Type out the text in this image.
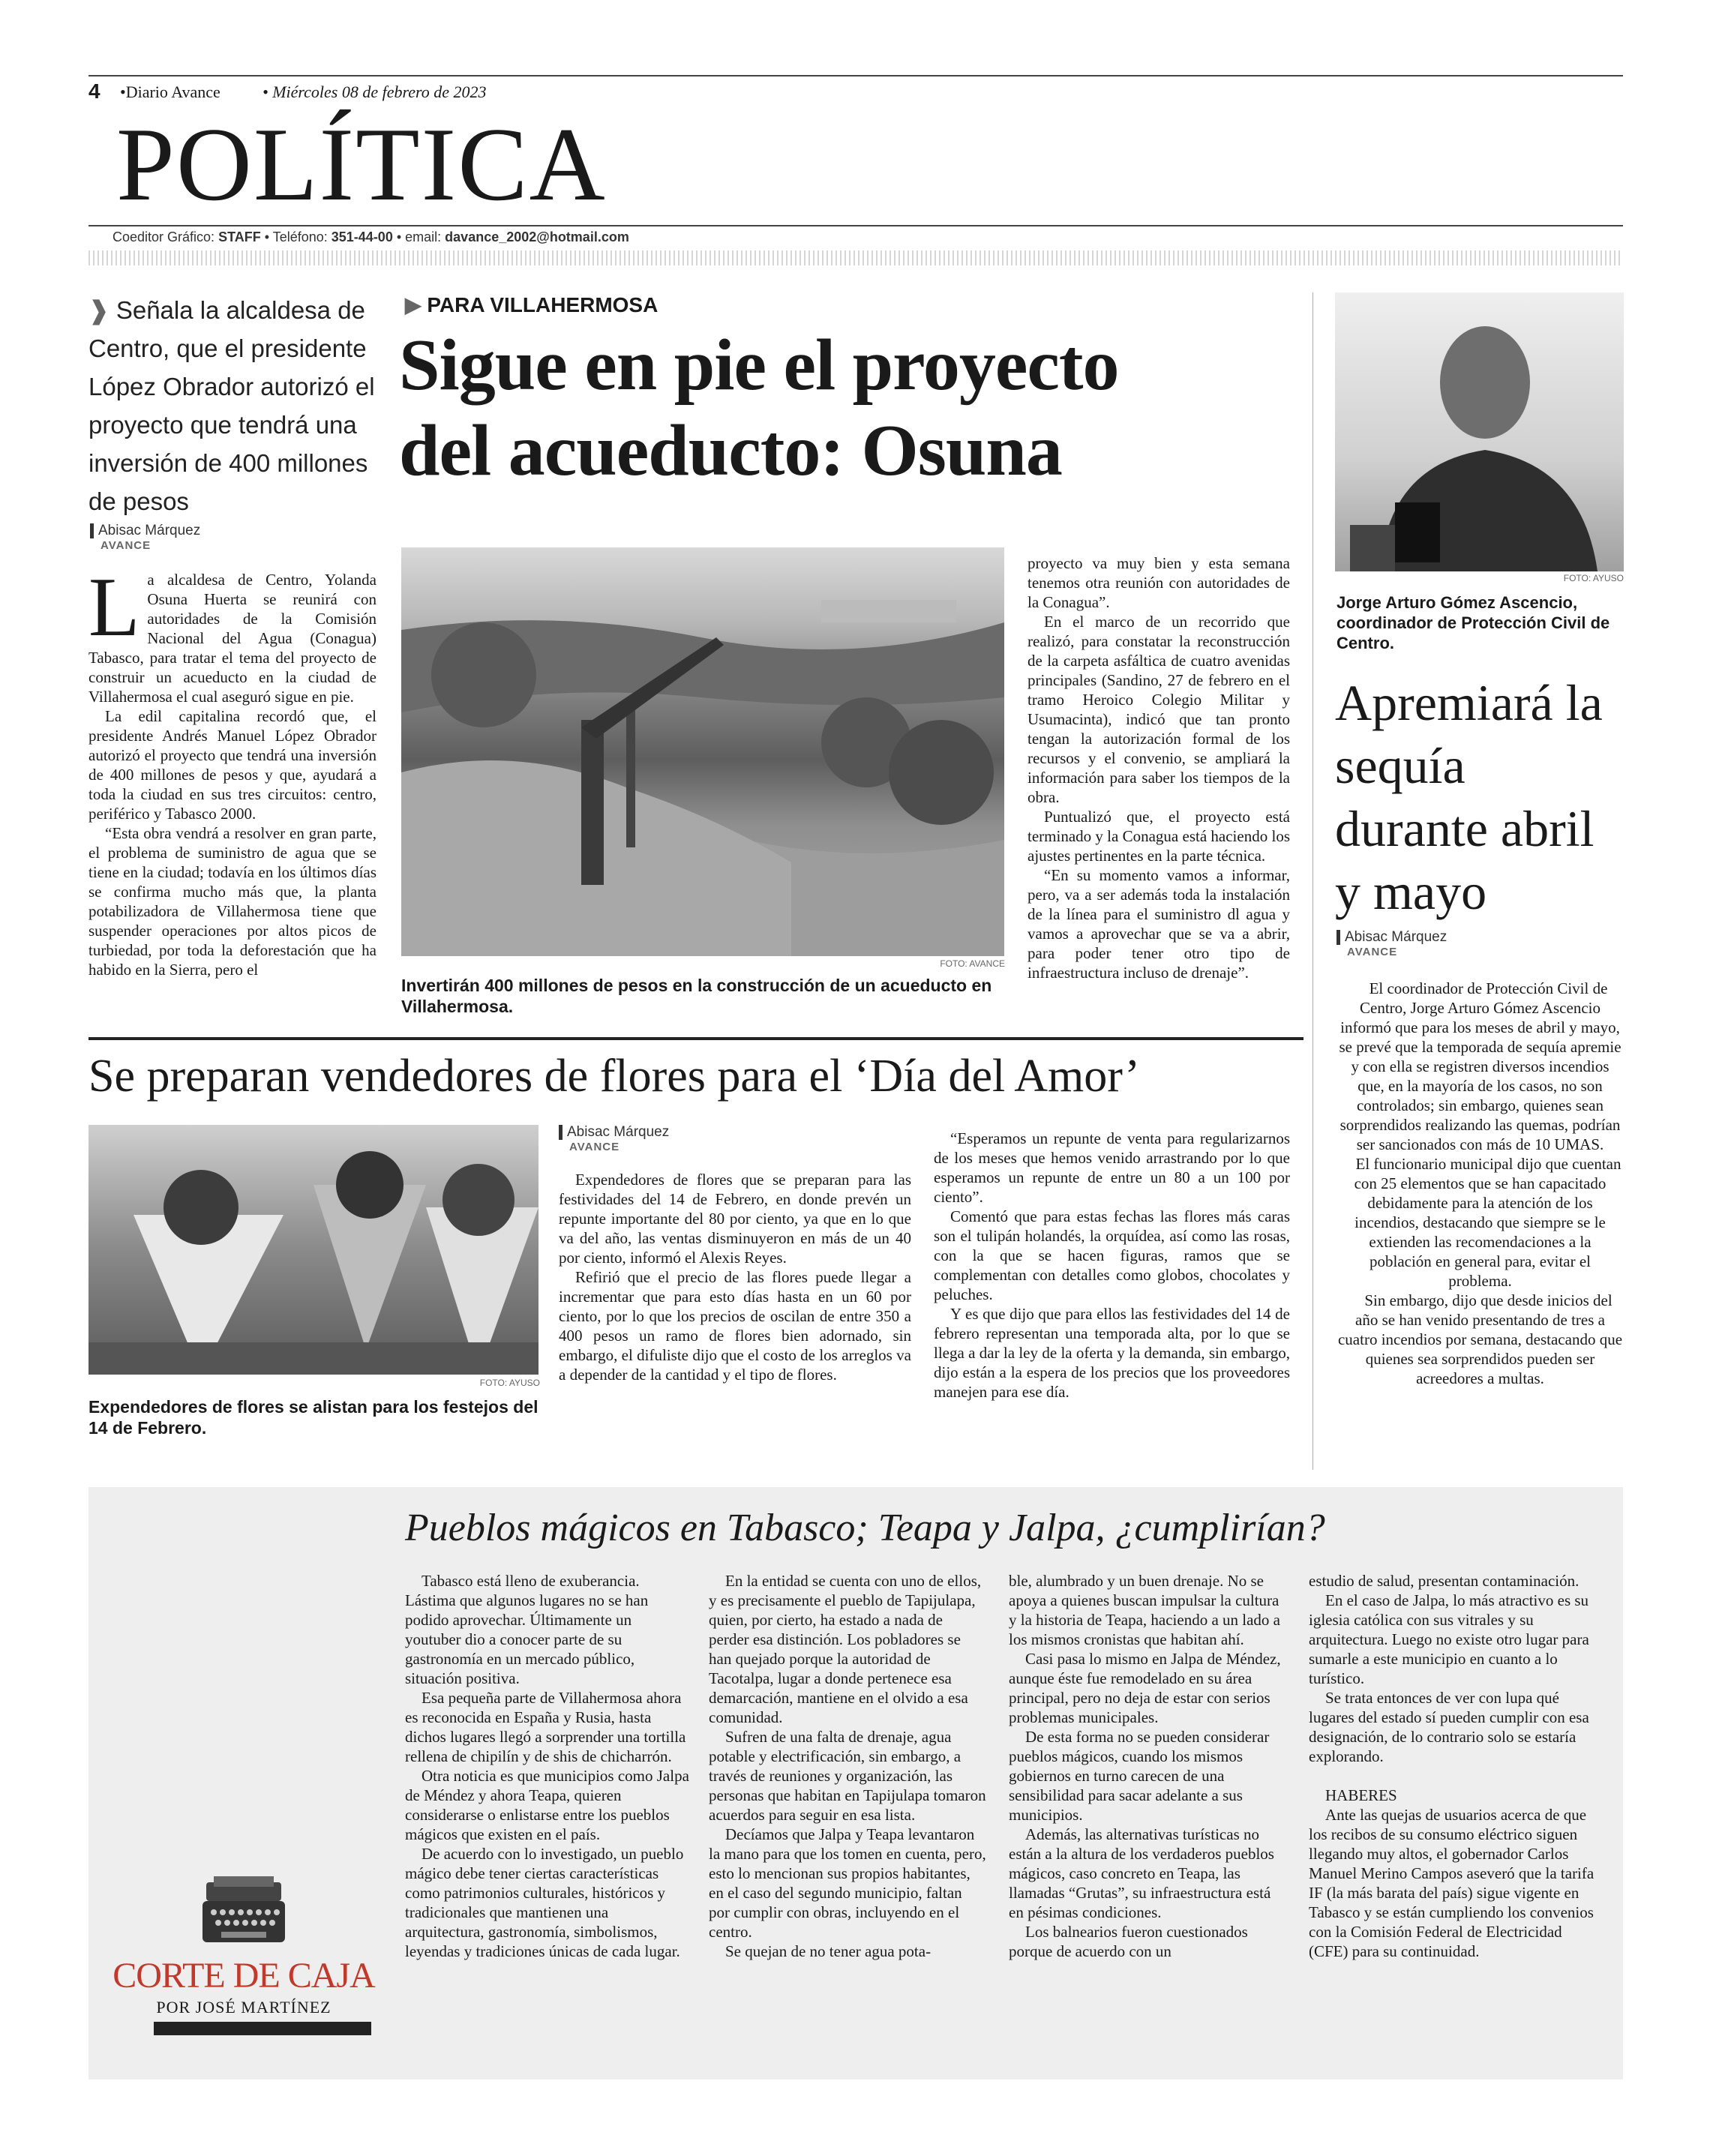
4 •Diario Avance	• Miércoles 08 de febrero de 2023
POLÍTICA
Coeditor Gráfico: STAFF • Teléfono: 351-44-00 • email: davance_2002@hotmail.com
❱ Señala la alcaldesa de Centro, que el presidente López Obrador autorizó el proyecto que tendrá una inversión de 400 millones de pesos
Abisac Márquez
AVANCE
▶ PARA VILLAHERMOSA
Sigue en pie el proyecto
del acueducto: Osuna
L a alcaldesa de Centro, Yolanda Osuna Huerta se reunirá con autoridades de la Comisión Nacional del Agua (Conagua) Tabasco, para tratar el tema del proyecto de construir un acueducto en la ciudad de Villahermosa el cual aseguró sigue en pie.

La edil capitalina recordó que, el presidente Andrés Manuel López Obrador autorizó el proyecto que tendrá una inversión de 400 millones de pesos y que, ayudará a toda la ciudad en sus tres circuitos: centro, periférico y Tabasco 2000.

“Esta obra vendrá a resolver en gran parte, el problema de suministro de agua que se tiene en la ciudad; todavía en los últimos días se confirma mucho más que, la planta potabilizadora de Villahermosa tiene que suspender operaciones por altos picos de turbiedad, por toda la deforestación que ha habido en la Sierra, pero el	FOTO: AVANCE
Invertirán 400 millones de pesos en la construcción de un acueducto en Villahermosa.
proyecto va muy bien y esta semana tenemos otra reunión con autoridades de la Conagua”.

En el marco de un recorrido que realizó, para constatar la reconstrucción de la carpeta asfáltica de cuatro avenidas principales (Sandino, 27 de febrero en el tramo Heroico Colegio Militar y Usumacinta), indicó que tan pronto tengan la autorización formal de los recursos y el convenio, se ampliará la información para saber los tiempos de la obra.

Puntualizó que, el proyecto está terminado y la Conagua está haciendo los ajustes pertinentes en la parte técnica.

“En su momento vamos a informar, pero, va a ser además toda la instalación de la línea para el suministro dl agua y vamos a aprovechar que se va a abrir, para poder tener otro tipo de infraestructura incluso de drenaje”.

FOTO: AYUSO
Jorge Arturo Gómez Ascencio, coordinador de Protección Civil de Centro.
Apremiará la sequía durante abril y mayo
Abisac Márquez
AVANCE

El coordinador de Protección Civil de Centro, Jorge Arturo Gómez Ascencio informó que para los meses de abril y mayo, se prevé que la temporada de sequía apremie y con ella se registren diversos incendios que, en la mayoría de los casos, no son controlados; sin embargo, quienes sean sorprendidos realizando las quemas, podrían ser sancionados con más de 10 UMAS.

El funcionario municipal dijo que cuentan con 25 elementos que se han capacitado debidamente para la atención de los incendios, destacando que siempre se le extienden las recomendaciones a la población en general para, evitar el problema.

Sin embargo, dijo que desde inicios del año se han venido presentando de tres a cuatro incendios por semana, destacando que quienes sea sorprendidos pueden ser acreedores a multas.

Se preparan vendedores de flores para el ‘Día del Amor’
FOTO: AYUSO
Expendedores de flores se alistan para los festejos del 14 de Febrero.
Abisac Márquez
AVANCE

Expendedores de flores que se preparan para las festividades del 14 de Febrero, en donde prevén un repunte importante del 80 por ciento, ya que en lo que va del año, las ventas disminuyeron en más de un 40 por ciento, informó el Alexis Reyes.

Refirió que el precio de las flores puede llegar a incrementar que para esto días hasta en un 60 por ciento, por lo que los precios de oscilan de entre 350 a 400 pesos un ramo de flores bien adornado, sin embargo, el difuliste dijo que el costo de los arreglos va a depender de la cantidad y el tipo de flores.

“Esperamos un repunte de venta para regularizarnos de los meses que hemos venido arrastrando por lo que esperamos un repunte de entre un 80 a un 100 por ciento”.

Comentó que para estas fechas las flores más caras son el tulipán holandés, la orquídea, así como las rosas, con la que se hacen figuras, ramos que se complementan con detalles como globos, chocolates y peluches.

Y es que dijo que para ellos las festividades del 14 de febrero representan una temporada alta, por lo que se llega a dar la ley de la oferta y la demanda, sin embargo, dijo están a la espera de los precios que los proveedores manejen para ese día.

Pueblos mágicos en Tabasco; Teapa y Jalpa, ¿cumplirían?
CORTE DE CAJA
POR JOSÉ MARTÍNEZ

Tabasco está lleno de exuberancia. Lástima que algunos lugares no se han podido aprovechar. Últimamente un youtuber dio a conocer parte de su gastronomía en un mercado público, situación positiva.

Esa pequeña parte de Villahermosa ahora es reconocida en España y Rusia, hasta dichos lugares llegó a sorprender una tortilla rellena de chipilín y de shis de chicharrón.

Otra noticia es que municipios como Jalpa de Méndez y ahora Teapa, quieren considerarse o enlistarse entre los pueblos mágicos que existen en el país.

De acuerdo con lo investigado, un pueblo mágico debe tener ciertas características como patrimonios culturales, históricos y tradicionales que mantienen una arquitectura, gastronomía, simbolismos, leyendas y tradiciones únicas de cada lugar.

En la entidad se cuenta con uno de ellos, y es precisamente el pueblo de Tapijulapa, quien, por cierto, ha estado a nada de perder esa distinción. Los pobladores se han quejado porque la autoridad de Tacotalpa, lugar a donde pertenece esa demarcación, mantiene en el olvido a esa comunidad.

Sufren de una falta de drenaje, agua potable y electrificación, sin embargo, a través de reuniones y organización, las personas que habitan en Tapijulapa tomaron acuerdos para seguir en esa lista.

Decíamos que Jalpa y Teapa levantaron la mano para que los tomen en cuenta, pero, esto lo mencionan sus propios habitantes, en el caso del segundo municipio, faltan por cumplir con obras, incluyendo en el centro.

Se quejan de no tener agua pota-

ble, alumbrado y un buen drenaje. No se apoya a quienes buscan impulsar la cultura y la historia de Teapa, haciendo a un lado a los mismos cronistas que habitan ahí.

Casi pasa lo mismo en Jalpa de Méndez, aunque éste fue remodelado en su área principal, pero no deja de estar con serios problemas municipales.

De esta forma no se pueden considerar pueblos mágicos, cuando los mismos gobiernos en turno carecen de una sensibilidad para sacar adelante a sus municipios.

Además, las alternativas turísticas no están a la altura de los verdaderos pueblos mágicos, caso concreto en Teapa, las llamadas “Grutas”, su infraestructura está en pésimas condiciones.

Los balnearios fueron cuestionados porque de acuerdo con un

estudio de salud, presentan contaminación.

En el caso de Jalpa, lo más atractivo es su iglesia católica con sus vitrales y su arquitectura. Luego no existe otro lugar para sumarle a este municipio en cuanto a lo turístico.

Se trata entonces de ver con lupa qué lugares del estado sí pueden cumplir con esa designación, de lo contrario solo se estaría explorando.

HABERES

Ante las quejas de usuarios acerca de que los recibos de su consumo eléctrico siguen llegando muy altos, el gobernador Carlos Manuel Merino Campos aseveró que la tarifa IF (la más barata del país) sigue vigente en Tabasco y se están cumpliendo los convenios con la Comisión Federal de Electricidad (CFE) para su continuidad.
